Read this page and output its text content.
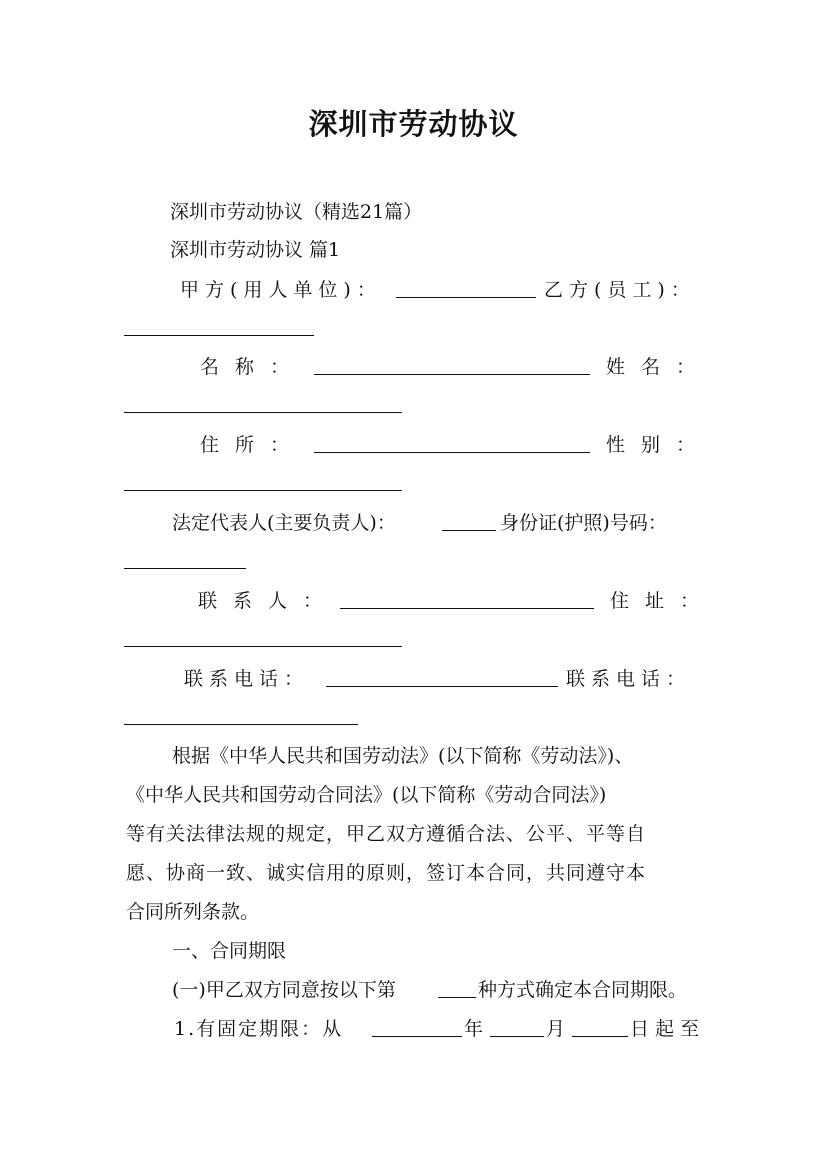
深圳市劳动协议
深圳市劳动协议（精选21篇）
深圳市劳动协议 篇1
甲方(用人单位)：	乙方(员工)：
名称：	姓名：
住所：	性别：
法定代表人(主要负责人)：	身份证(护照)号码：
联系人：	住址：
联系电话：	联系电话：
根据《中华人民共和国劳动法》(以下简称《劳动法》)、
《中华人民共和国劳动合同法》(以下简称《劳动合同法》)
等有关法律法规的规定，甲乙双方遵循合法、公平、平等自
愿、协商一致、诚实信用的原则，签订本合同，共同遵守本
合同所列条款。
一、合同期限
(一)甲乙双方同意按以下第	种方式确定本合同期限。
1.有固定期限：从	年	月	日起至
